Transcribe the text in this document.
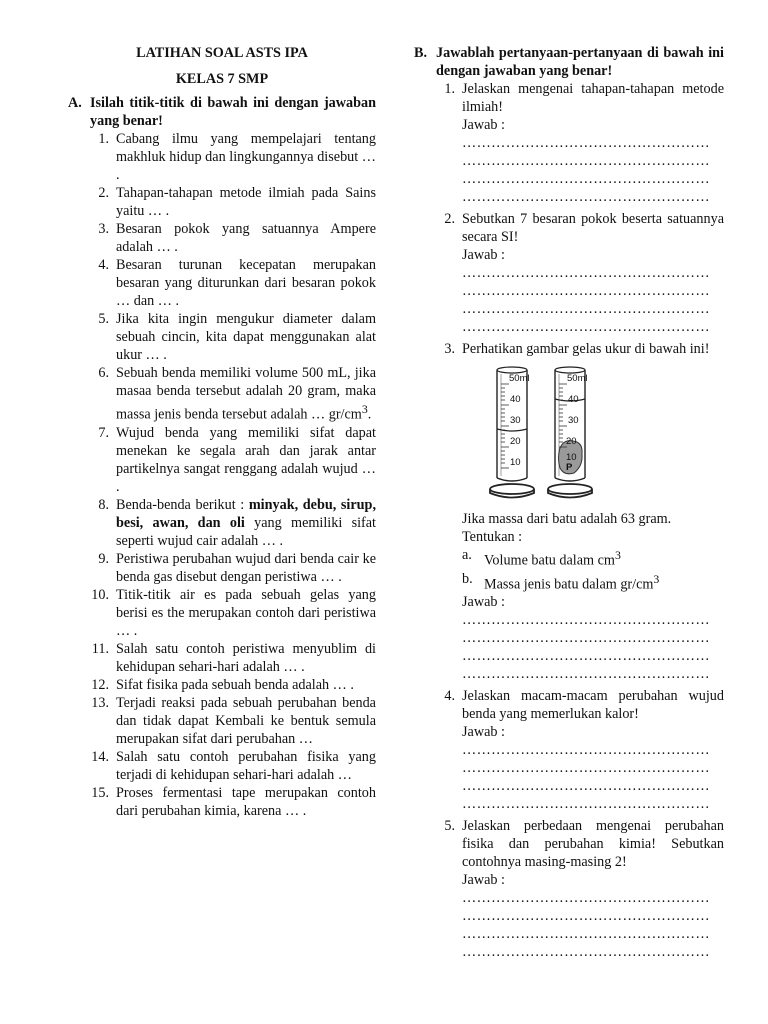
LATIHAN SOAL ASTS IPA

KELAS 7 SMP

A. Isilah titik-titik di bawah ini dengan jawaban yang benar!
1. Cabang ilmu yang mempelajari tentang makhluk hidup dan lingkungannya disebut … .
2. Tahapan-tahapan metode ilmiah pada Sains yaitu … .
3. Besaran pokok yang satuannya Ampere adalah … .
4. Besaran turunan kecepatan merupakan besaran yang diturunkan dari besaran pokok … dan … .
5. Jika kita ingin mengukur diameter dalam sebuah cincin, kita dapat menggunakan alat ukur … .
6. Sebuah benda memiliki volume 500 mL, jika masaa benda tersebut adalah 20 gram, maka massa jenis benda tersebut adalah … $gr/cm^3$.
7. Wujud benda yang memiliki sifat dapat menekan ke segala arah dan jarak antar partikelnya sangat renggang adalah wujud … .
8. Benda-benda berikut : minyak, debu, sirup, besi, awan, dan oli yang memiliki sifat seperti wujud cair adalah … .
9. Peristiwa perubahan wujud dari benda cair ke benda gas disebut dengan peristiwa … .
10. Titik-titik air es pada sebuah gelas yang berisi es the merupakan contoh dari peristiwa … .
11. Salah satu contoh peristiwa menyublim di kehidupan sehari-hari adalah … .
12. Sifat fisika pada sebuah benda adalah … .
13. Terjadi reaksi pada sebuah perubahan benda dan tidak dapat Kembali ke bentuk semula merupakan sifat dari perubahan …
14. Salah satu contoh perubahan fisika yang terjadi di kehidupan sehari-hari adalah …
15. Proses fermentasi tape merupakan contoh dari perubahan kimia, karena … .
B. Jawablah pertanyaan-pertanyaan di bawah ini dengan jawaban yang benar!
1. Jelaskan mengenai tahapan-tahapan metode ilmiah!
Jawab :
……………………………………………
……………………………………………
……………………………………………
……………………………………………
2. Sebutkan 7 besaran pokok beserta satuannya secara SI!
Jawab :
……………………………………………
……………………………………………
……………………………………………
……………………………………………
3. Perhatikan gambar gelas ukur di bawah ini!
50ml
40
30
20
10
50ml
40
30
20
10
P
Jika massa dari batu adalah 63 gram.
Tentukan :
a. Volume batu dalam $cm^3$
b. Massa jenis batu dalam $gr/cm^3$
Jawab :
……………………………………………
……………………………………………
……………………………………………
……………………………………………
4. Jelaskan macam-macam perubahan wujud benda yang memerlukan kalor!
Jawab :
……………………………………………
……………………………………………
……………………………………………
……………………………………………
5. Jelaskan perbedaan mengenai perubahan fisika dan perubahan kimia! Sebutkan contohnya masing-masing 2!
Jawab :
……………………………………………
……………………………………………
……………………………………………
……………………………………………
